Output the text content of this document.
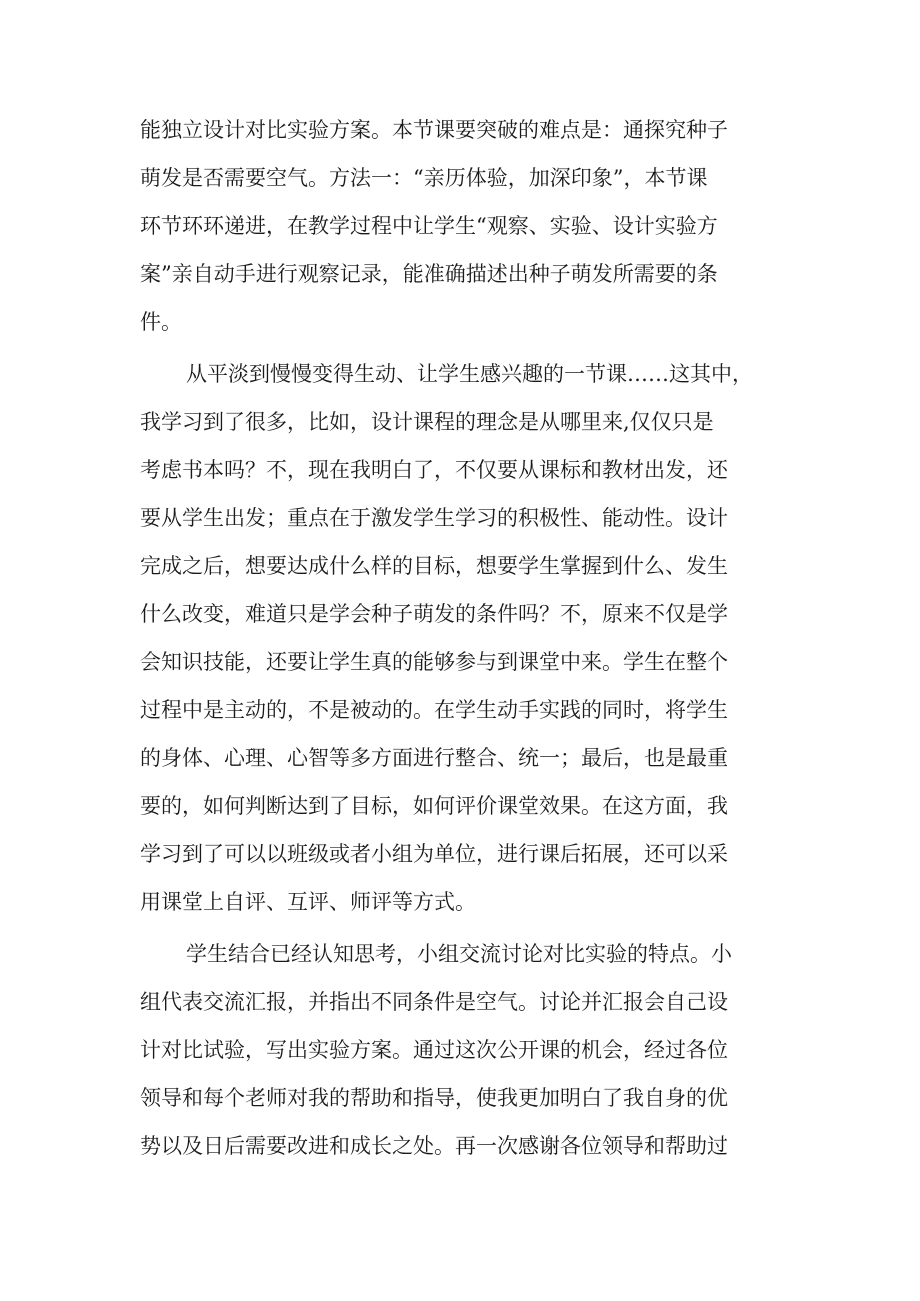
能独立设计对比实验方案。本节课要突破的难点是：通探究种子
萌发是否需要空气。方法一：“亲历体验，加深印象”，本节课
环节环环递进，在教学过程中让学生“观察、实验、设计实验方
案”亲自动手进行观察记录，能准确描述出种子萌发所需要的条
件。
从平淡到慢慢变得生动、让学生感兴趣的一节课……这其中，
我学习到了很多，比如，设计课程的理念是从哪里来,仅仅只是
考虑书本吗？不，现在我明白了，不仅要从课标和教材出发，还
要从学生出发；重点在于激发学生学习的积极性、能动性。设计
完成之后，想要达成什么样的目标，想要学生掌握到什么、发生
什么改变，难道只是学会种子萌发的条件吗？不，原来不仅是学
会知识技能，还要让学生真的能够参与到课堂中来。学生在整个
过程中是主动的，不是被动的。在学生动手实践的同时，将学生
的身体、心理、心智等多方面进行整合、统一；最后，也是最重
要的，如何判断达到了目标，如何评价课堂效果。在这方面，我
学习到了可以以班级或者小组为单位，进行课后拓展，还可以采
用课堂上自评、互评、师评等方式。
学生结合已经认知思考，小组交流讨论对比实验的特点。小
组代表交流汇报，并指出不同条件是空气。讨论并汇报会自己设
计对比试验，写出实验方案。通过这次公开课的机会，经过各位
领导和每个老师对我的帮助和指导，使我更加明白了我自身的优
势以及日后需要改进和成长之处。再一次感谢各位领导和帮助过
